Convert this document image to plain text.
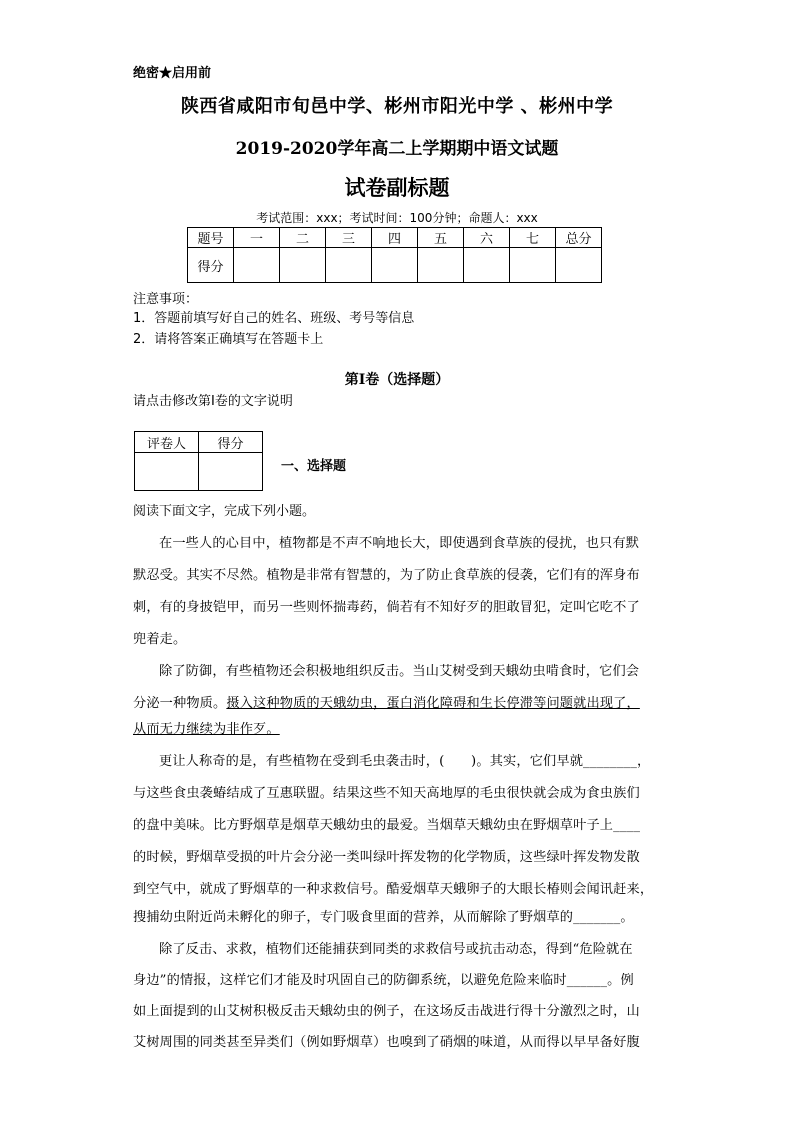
绝密★启用前
陕西省咸阳市旬邑中学、彬州市阳光中学 、彬州中学
2019-2020学年高二上学期期中语文试题
试卷副标题
考试范围：xxx；考试时间：100分钟；命题人：xxx
题号	一	二	三	四	五	六	七	总分
得分								
注意事项：
1．答题前填写好自己的姓名、班级、考号等信息
2．请将答案正确填写在答题卡上
第I卷（选择题）
请点击修改第I卷的文字说明
评卷人	得分

一、选择题
阅读下面文字，完成下列小题。
在一些人的心目中，植物都是不声不响地长大，即使遇到食草族的侵扰，也只有默
默忍受。其实不尽然。植物是非常有智慧的，为了防止食草族的侵袭，它们有的浑身布
刺，有的身披铠甲，而另一些则怀揣毒药，倘若有不知好歹的胆敢冒犯，定叫它吃不了
兜着走。
除了防御，有些植物还会积极地组织反击。当山艾树受到天蛾幼虫啃食时，它们会
分泌一种物质。摄入这种物质的天蛾幼虫，蛋白消化障碍和生长停滞等问题就出现了，
从而无力继续为非作歹。
更让人称奇的是，有些植物在受到毛虫袭击时，(　　)。其实，它们早就________，
与这些食虫袭蝽结成了互惠联盟。结果这些不知天高地厚的毛虫很快就会成为食虫族们
的盘中美味。比方野烟草是烟草天蛾幼虫的最爱。当烟草天蛾幼虫在野烟草叶子上____
的时候，野烟草受损的叶片会分泌一类叫绿叶挥发物的化学物质，这些绿叶挥发物发散
到空气中，就成了野烟草的一种求救信号。酷爱烟草天蛾卵子的大眼长椿则会闻讯赶来，
搜捕幼虫附近尚未孵化的卵子，专门吸食里面的营养，从而解除了野烟草的_______。
除了反击、求救，植物们还能捕获到同类的求救信号或抗击动态，得到“危险就在
身边”的情报，这样它们才能及时巩固自己的防御系统，以避免危险来临时______。例
如上面提到的山艾树积极反击天蛾幼虫的例子，在这场反击战进行得十分激烈之时，山
艾树周围的同类甚至异类们（例如野烟草）也嗅到了硝烟的味道，从而得以早早备好腹
